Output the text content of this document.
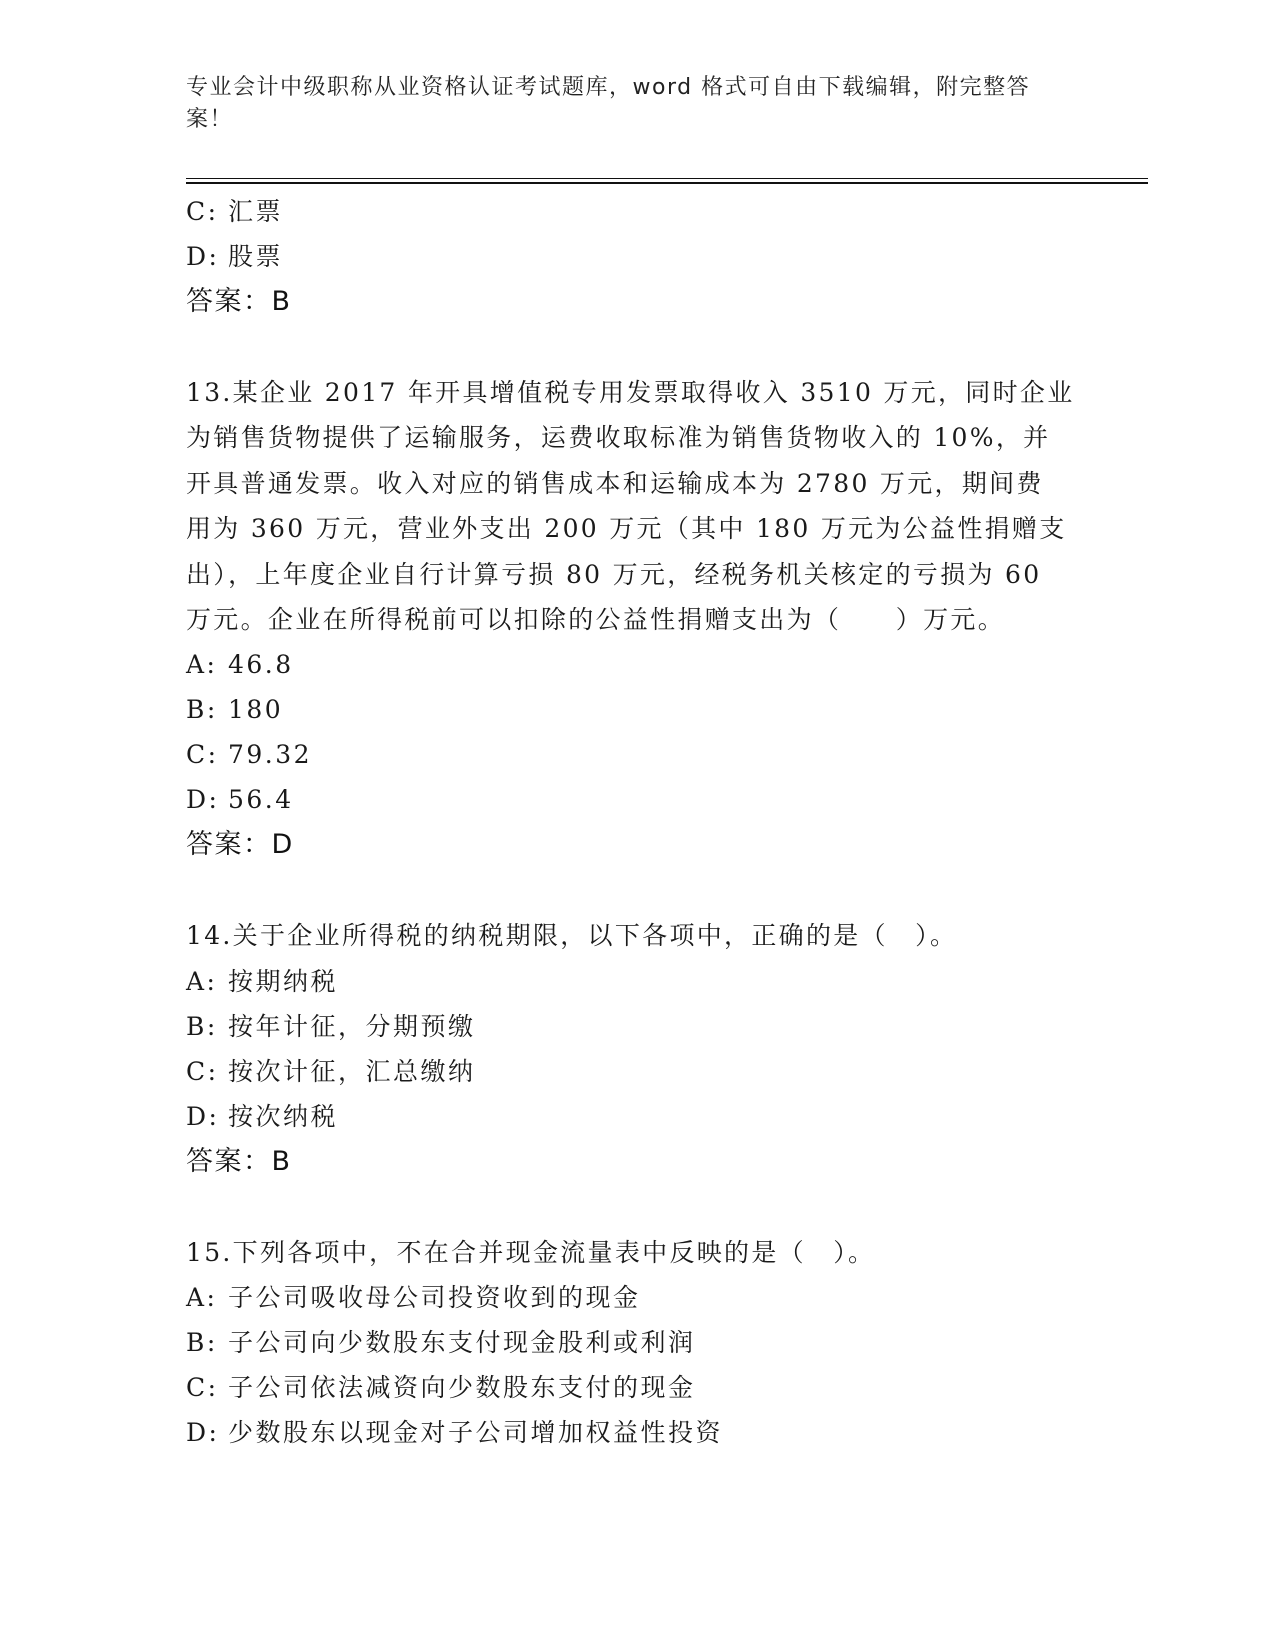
专业会计中级职称从业资格认证考试题库，word 格式可自由下载编辑，附完整答
案！
C: 汇票
D: 股票
答案：B
13.某企业 2017 年开具增值税专用发票取得收入 3510 万元，同时企业
为销售货物提供了运输服务，运费收取标准为销售货物收入的 10%，并
开具普通发票。收入对应的销售成本和运输成本为 2780 万元，期间费
用为 360 万元，营业外支出 200 万元（其中 180 万元为公益性捐赠支
出），上年度企业自行计算亏损 80 万元，经税务机关核定的亏损为 60
万元。企业在所得税前可以扣除的公益性捐赠支出为（　　）万元。
A: 46.8
B: 180
C: 79.32
D: 56.4
答案：D
14.关于企业所得税的纳税期限，以下各项中，正确的是（　）。
A: 按期纳税
B: 按年计征，分期预缴
C: 按次计征，汇总缴纳
D: 按次纳税
答案：B
15.下列各项中，不在合并现金流量表中反映的是（　）。
A: 子公司吸收母公司投资收到的现金
B: 子公司向少数股东支付现金股利或利润
C: 子公司依法减资向少数股东支付的现金
D: 少数股东以现金对子公司增加权益性投资
